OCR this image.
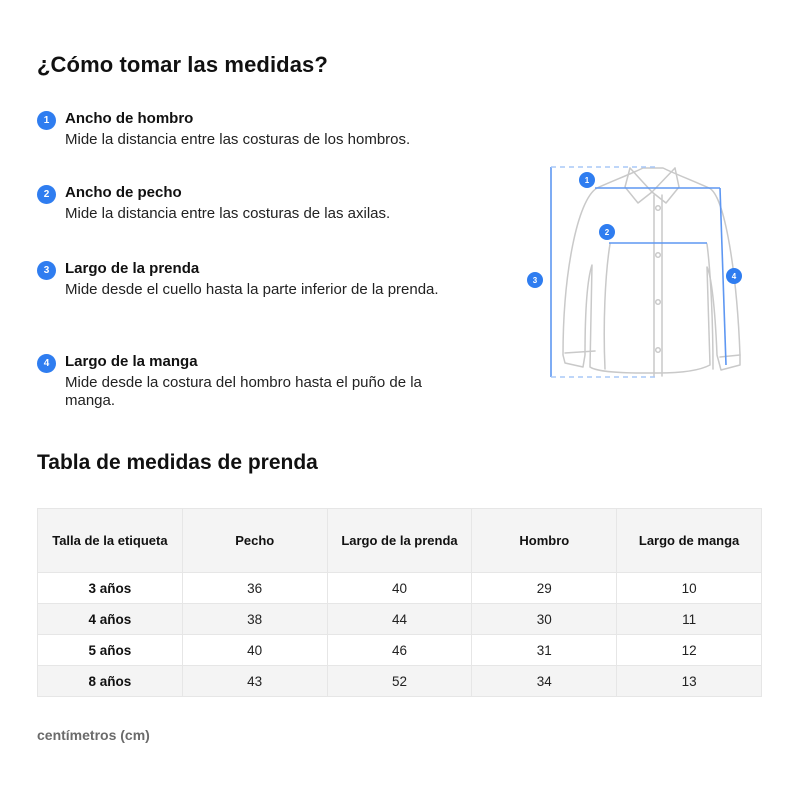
¿Cómo tomar las medidas?
1	Ancho de hombro
Mide la distancia entre las costuras de los hombros.
2	Ancho de pecho
Mide la distancia entre las costuras de las axilas.
3	Largo de la prenda
Mide desde el cuello hasta la parte inferior de la prenda.
4	Largo de la manga
Mide desde la costura del hombro hasta el puño de la manga.
1
2
3	4
Tabla de medidas de prenda
Talla de la etiqueta	Pecho	Largo de la prenda	Hombro	Largo de manga
3 años	36	40	29	10
4 años	38	44	30	11
5 años	40	46	31	12
8 años	43	52	34	13
centímetros (cm)
